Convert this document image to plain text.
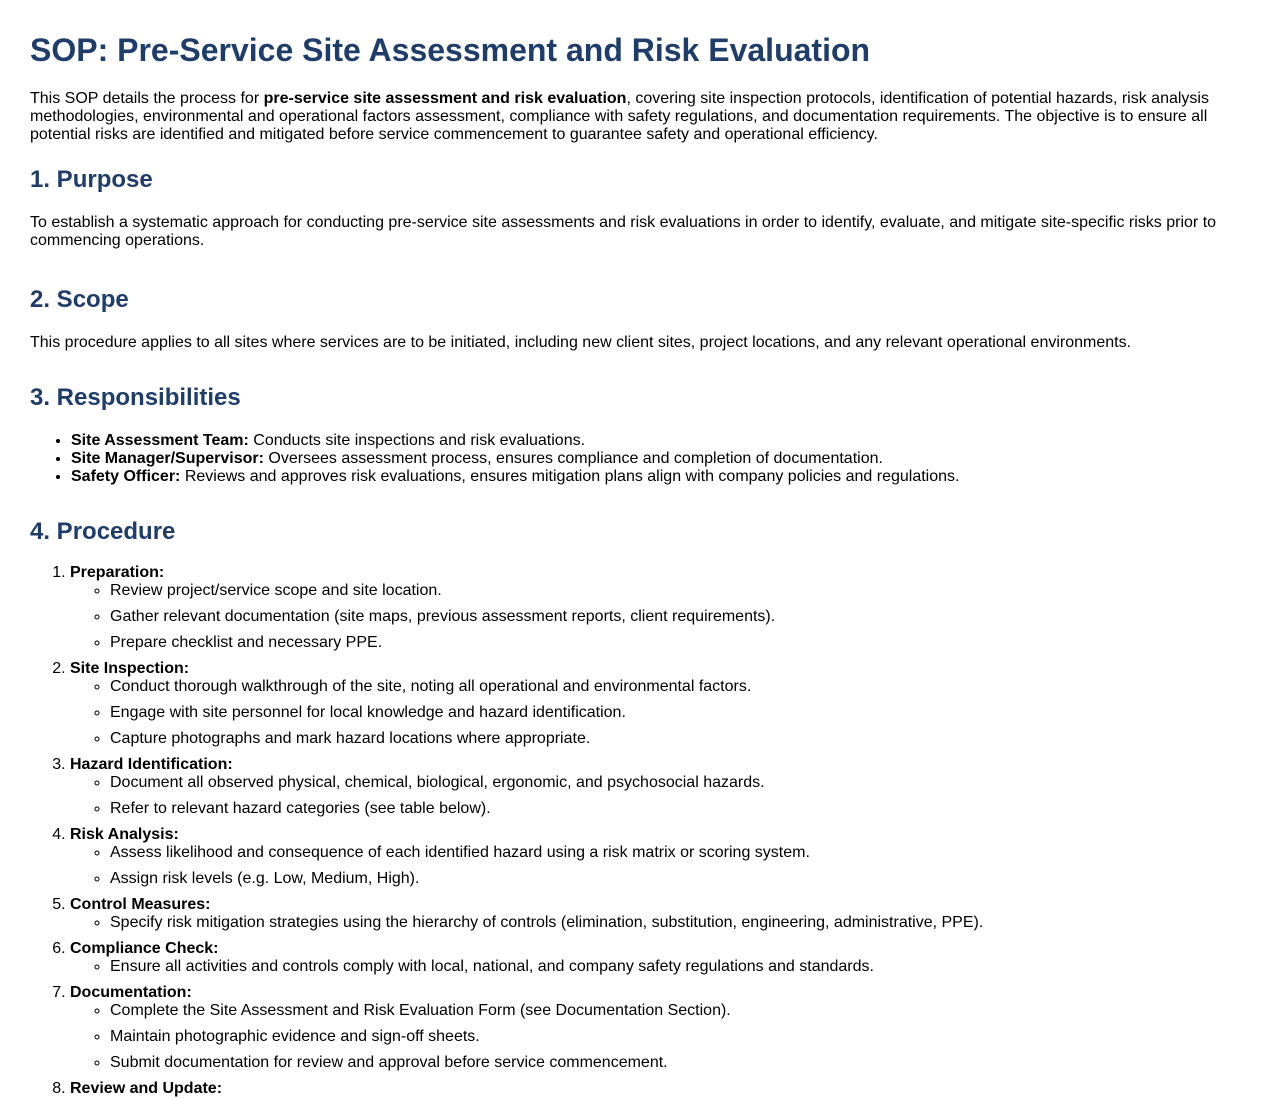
SOP: Pre-Service Site Assessment and Risk Evaluation

This SOP details the process for pre-service site assessment and risk evaluation, covering site inspection protocols, identification of potential hazards, risk analysis methodologies, environmental and operational factors assessment, compliance with safety regulations, and documentation requirements. The objective is to ensure all potential risks are identified and mitigated before service commencement to guarantee safety and operational efficiency.

1. Purpose

To establish a systematic approach for conducting pre-service site assessments and risk evaluations in order to identify, evaluate, and mitigate site-specific risks prior to commencing operations.

2. Scope

This procedure applies to all sites where services are to be initiated, including new client sites, project locations, and any relevant operational environments.

3. Responsibilities
• Site Assessment Team: Conducts site inspections and risk evaluations.
• Site Manager/Supervisor: Oversees assessment process, ensures compliance and completion of documentation.
• Safety Officer: Reviews and approves risk evaluations, ensures mitigation plans align with company policies and regulations.
4. Procedure
1. Preparation:
◦ Review project/service scope and site location.
◦ Gather relevant documentation (site maps, previous assessment reports, client requirements).
◦ Prepare checklist and necessary PPE.
2. Site Inspection:
◦ Conduct thorough walkthrough of the site, noting all operational and environmental factors.
◦ Engage with site personnel for local knowledge and hazard identification.
◦ Capture photographs and mark hazard locations where appropriate.
3. Hazard Identification:
◦ Document all observed physical, chemical, biological, ergonomic, and psychosocial hazards.
◦ Refer to relevant hazard categories (see table below).
4. Risk Analysis:
◦ Assess likelihood and consequence of each identified hazard using a risk matrix or scoring system.
◦ Assign risk levels (e.g. Low, Medium, High).
5. Control Measures:
◦ Specify risk mitigation strategies using the hierarchy of controls (elimination, substitution, engineering, administrative, PPE).
6. Compliance Check:
◦ Ensure all activities and controls comply with local, national, and company safety regulations and standards.
7. Documentation:
◦ Complete the Site Assessment and Risk Evaluation Form (see Documentation Section).
◦ Maintain photographic evidence and sign-off sheets.
◦ Submit documentation for review and approval before service commencement.
8. Review and Update:
